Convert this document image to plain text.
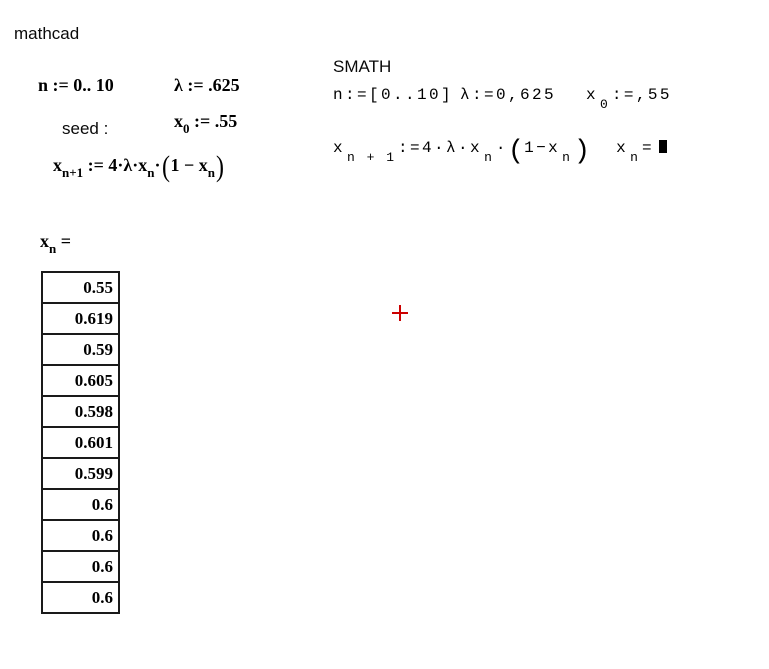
mathcad
n := 0.. 10	λ := .625
seed :	$x_0$ := .55
$x_{n+1}$ := $4\cdot\lambda\cdot x_n\cdot(1 - x_n)$
$x_n$ =
0.55
0.619
0.59
0.605
0.598
0.601
0.599
0.6
0.6
0.6
0.6
SMATH
n:=[0..10] λ:=0,625 $x_0:=,55$
$x_{n + 1}:=4\cdot\lambda\cdot x_n\cdot(1-x_n)$ $x_n=$
